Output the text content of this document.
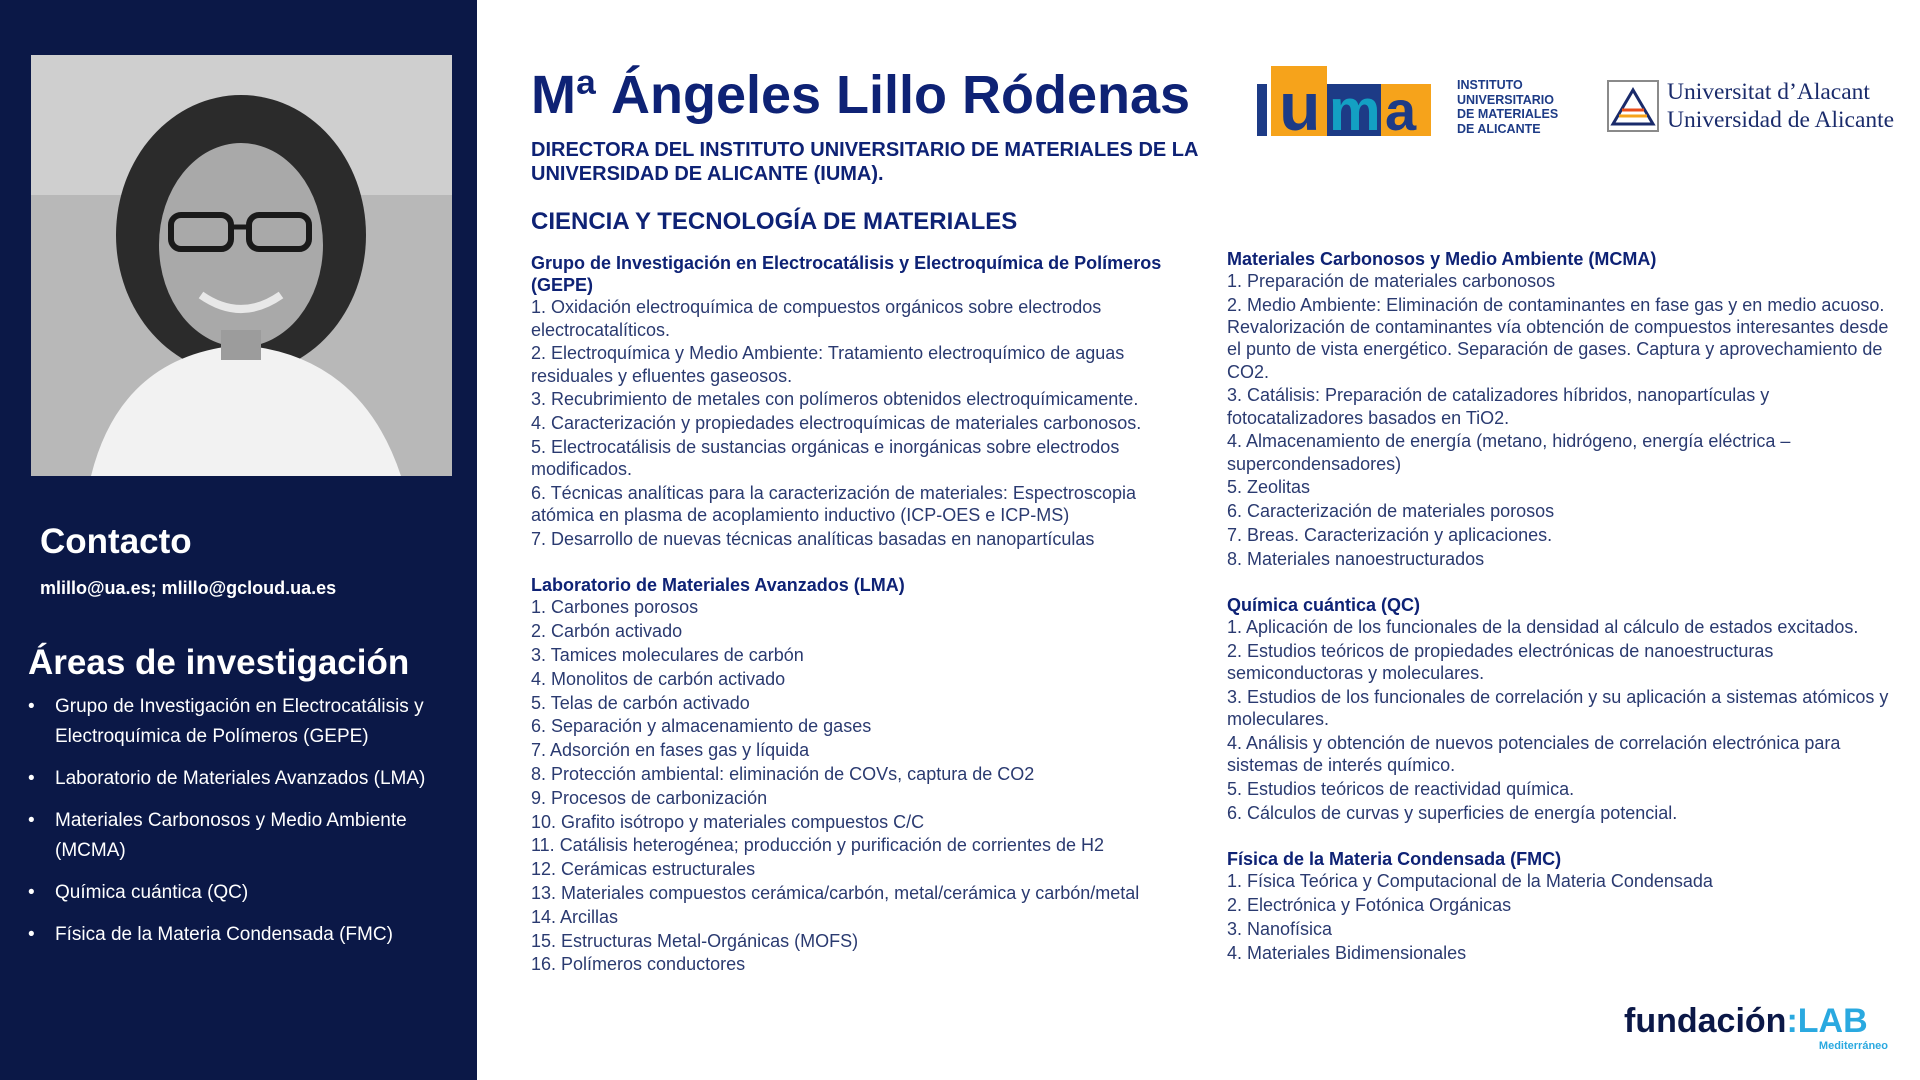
Contacto
mlillo@ua.es; mlillo@gcloud.ua.es
Áreas de investigación
• Grupo de Investigación en Electrocatálisis y Electroquímica de Polímeros (GEPE)
• Laboratorio de Materiales Avanzados (LMA)
• Materiales Carbonosos y Medio Ambiente (MCMA)
• Química cuántica (QC)
• Física de la Materia Condensada (FMC)
Mª Ángeles Lillo Ródenas
DIRECTORA DEL INSTITUTO UNIVERSITARIO DE MATERIALES DE LA UNIVERSIDAD DE ALICANTE (IUMA).
CIENCIA Y TECNOLOGÍA DE MATERIALES
u m a	INSTITUTO
UNIVERSITARIO
DE MATERIALES
DE ALICANTE
Universitat d’Alacant
Universidad de Alicante
Grupo de Investigación en Electrocatálisis y Electroquímica de Polímeros (GEPE)
1. Oxidación electroquímica de compuestos orgánicos sobre electrodos electrocatalíticos.
2. Electroquímica y Medio Ambiente: Tratamiento electroquímico de aguas residuales y efluentes gaseosos.
3. Recubrimiento de metales con polímeros obtenidos electroquímicamente.
4. Caracterización y propiedades electroquímicas de materiales carbonosos.
5. Electrocatálisis de sustancias orgánicas e inorgánicas sobre electrodos modificados.
6. Técnicas analíticas para la caracterización de materiales: Espectroscopia atómica en plasma de acoplamiento inductivo (ICP-OES e ICP-MS)
7. Desarrollo de nuevas técnicas analíticas basadas en nanopartículas
Laboratorio de Materiales Avanzados (LMA)
1. Carbones porosos
2. Carbón activado
3. Tamices moleculares de carbón
4. Monolitos de carbón activado
5. Telas de carbón activado
6. Separación y almacenamiento de gases
7. Adsorción en fases gas y líquida
8. Protección ambiental: eliminación de COVs, captura de CO2
9. Procesos de carbonización
10. Grafito isótropo y materiales compuestos C/C
11. Catálisis heterogénea; producción y purificación de corrientes de H2
12. Cerámicas estructurales
13. Materiales compuestos cerámica/carbón, metal/cerámica y carbón/metal
14. Arcillas
15. Estructuras Metal-Orgánicas (MOFS)
16. Polímeros conductores
Materiales Carbonosos y Medio Ambiente (MCMA)
1. Preparación de materiales carbonosos
2. Medio Ambiente: Eliminación de contaminantes en fase gas y en medio acuoso. Revalorización de contaminantes vía obtención de compuestos interesantes desde el punto de vista energético. Separación de gases. Captura y aprovechamiento de CO2.
3. Catálisis: Preparación de catalizadores híbridos, nanopartículas y fotocatalizadores basados en TiO2.
4. Almacenamiento de energía (metano, hidrógeno, energía eléctrica – supercondensadores)
5. Zeolitas
6. Caracterización de materiales porosos
7. Breas. Caracterización y aplicaciones.
8. Materiales nanoestructurados
Química cuántica (QC)
1. Aplicación de los funcionales de la densidad al cálculo de estados excitados.
2. Estudios teóricos de propiedades electrónicas de nanoestructuras semiconductoras y moleculares.
3. Estudios de los funcionales de correlación y su aplicación a sistemas atómicos y moleculares.
4. Análisis y obtención de nuevos potenciales de correlación electrónica para sistemas de interés químico.
5. Estudios teóricos de reactividad química.
6. Cálculos de curvas y superficies de energía potencial.
Física de la Materia Condensada (FMC)
1. Física Teórica y Computacional de la Materia Condensada
2. Electrónica y Fotónica Orgánicas
3. Nanofísica
4. Materiales Bidimensionales
fundación:LAB
Mediterráneo
